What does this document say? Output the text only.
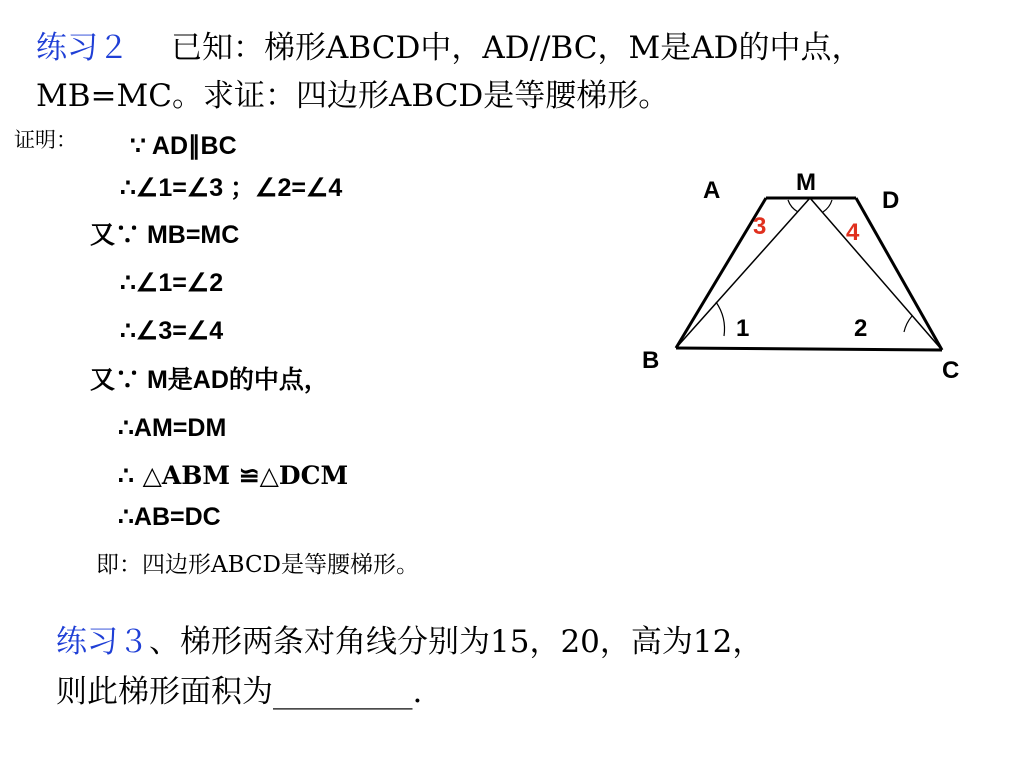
练习２ 已知：梯形ABCD中，AD//BC，M是AD的中点，
MB=MC。求证：四边形ABCD是等腰梯形。
证明： ∵ AD∥BC
∴∠1=∠3 ；∠2=∠4
又∵ MB=MC
∴∠1=∠2
∴∠3=∠4
又∵ M是AD的中点，
∴AM=DM
∴ △ABM ≌△DCM
∴AB=DC
即：四边形ABCD是等腰梯形。
A	M
D
B	C
1	2
3	4
练习３、梯形两条对角线分别为15，20，高为12，
则此梯形面积为_________.
